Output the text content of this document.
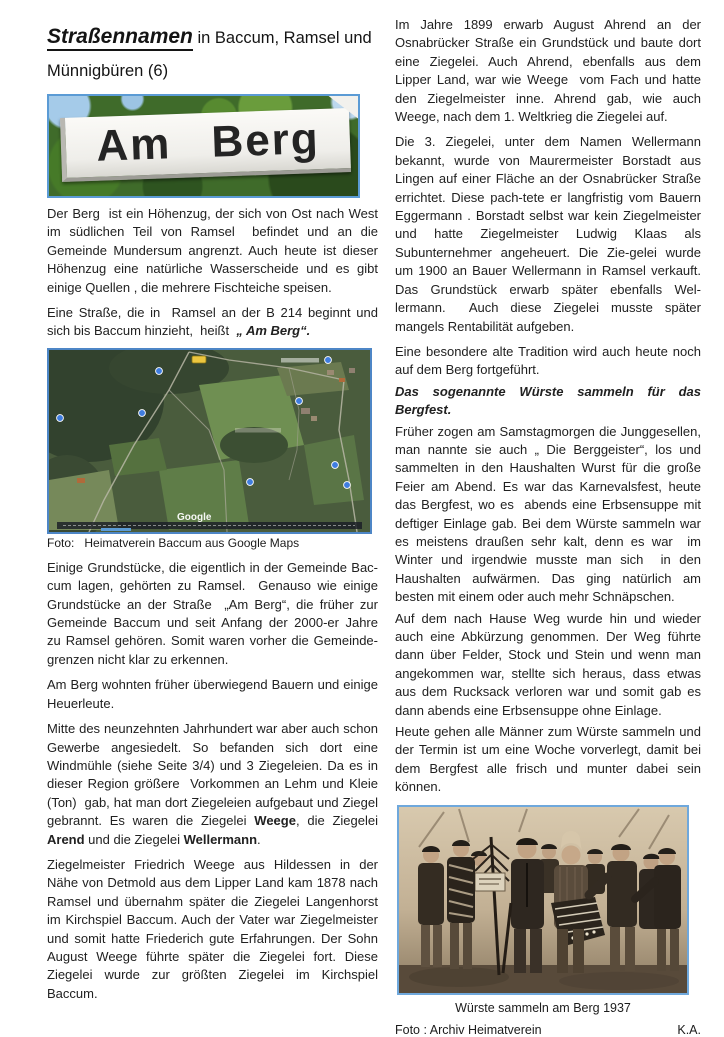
Straßennamen in Baccum, Ramsel und Münnigbüren (6)
Am Berg

Der Berg  ist ein Höhenzug, der sich von Ost nach West im südlichen Teil von Ramsel  befindet und an die Gemeinde Mundersum angrenzt. Auch heute ist dieser Höhenzug eine natürliche Wasserscheide und es gibt einige Quellen , die mehrere Fischteiche speisen.

Eine Straße, die in  Ramsel an der B 214 beginnt und sich bis Baccum hinzieht,  heißt  „ Am Berg“.

Google
Foto:   Heimatverein Baccum aus Google Maps

Einige Grundstücke, die eigentlich in der Gemeinde Bac-cum lagen, gehörten zu Ramsel.  Genauso wie einige Grundstücke an der Straße  „Am Berg“, die früher zur Gemeinde Baccum und seit Anfang der 2000-er Jahre  zu Ramsel gehören. Somit waren vorher die Gemeinde-grenzen nicht klar zu erkennen.

Am Berg wohnten früher überwiegend Bauern und einige Heuerleute.

Mitte des neunzehnten Jahrhundert war aber auch schon Gewerbe angesiedelt. So befanden sich dort eine Windmühle (siehe Seite 3/4) und 3 Ziegeleien. Da es in dieser Region größere  Vorkommen an Lehm und Kleie (Ton)  gab, hat man dort Ziegeleien aufgebaut und Ziegel gebrannt. Es waren die Ziegelei Weege, die Ziegelei Arend und die Ziegelei Wellermann.

Ziegelmeister Friedrich Weege aus Hildessen in der Nähe von Detmold aus dem Lipper Land kam 1878 nach Ramsel und übernahm später die Ziegelei Langenhorst im Kirchspiel Baccum. Auch der Vater war Ziegelmeister und somit hatte Friederich gute Erfahrungen. Der Sohn August Weege führte später die Ziegelei fort. Diese Ziegelei wurde zur größten Ziegelei im Kirchspiel Baccum.

Im Jahre 1899 erwarb August Ahrend an der Osnabrücker Straße ein Grundstück und baute dort eine Ziegelei. Auch Ahrend, ebenfalls aus dem Lipper Land, war wie Weege  vom Fach und hatte den Ziegelmeister inne. Ahrend gab, wie auch Weege, nach dem 1. Weltkrieg die Ziegelei auf.

Die 3. Ziegelei, unter dem Namen Wellermann bekannt, wurde von Maurermeister Borstadt aus Lingen auf einer Fläche an der Osnabrücker Straße errichtet. Diese pach-tete er langfristig vom Bauern Eggermann . Borstadt selbst war kein Ziegelmeister und hatte Ziegelmeister Ludwig Klaas als Subunternehmer angeheuert. Die Zie-gelei wurde um 1900 an Bauer Wellermann in Ramsel verkauft. Das Grundstück erwarb später ebenfalls Wel-lermann.  Auch diese Ziegelei musste später mangels Rentabilität aufgeben.

Eine besondere alte Tradition wird auch heute noch auf dem Berg fortgeführt.

Das sogenannte Würste sammeln für das Bergfest.

Früher zogen am Samstagmorgen die Junggesellen, man nannte sie auch „ Die Berggeister“, los und sammelten in den Haushalten Wurst für die große Feier am Abend. Es war das Karnevalsfest, heute das Bergfest, wo es  abends eine Erbsensuppe mit deftiger Einlage gab. Bei dem Würste sammeln war es meistens draußen sehr kalt, denn es war  im Winter und irgendwie musste man sich  in den Haushalten aufwärmen. Das ging natürlich am besten mit einem oder auch mehr Schnäpschen.

Auf dem nach Hause Weg wurde hin und wieder auch eine Abkürzung genommen. Der Weg führte dann über Felder, Stock und Stein und wenn man angekommen war, stellte sich heraus, dass etwas aus dem Rucksack verloren war und somit gab es dann abends eine Erbsensuppe ohne Einlage.

Heute gehen alle Männer zum Würste sammeln und der Termin ist um eine Woche vorverlegt, damit bei dem Bergfest alle frisch und munter dabei sein können.

Würste sammeln am Berg 1937
Foto : Archiv Heimatverein	K.A.
